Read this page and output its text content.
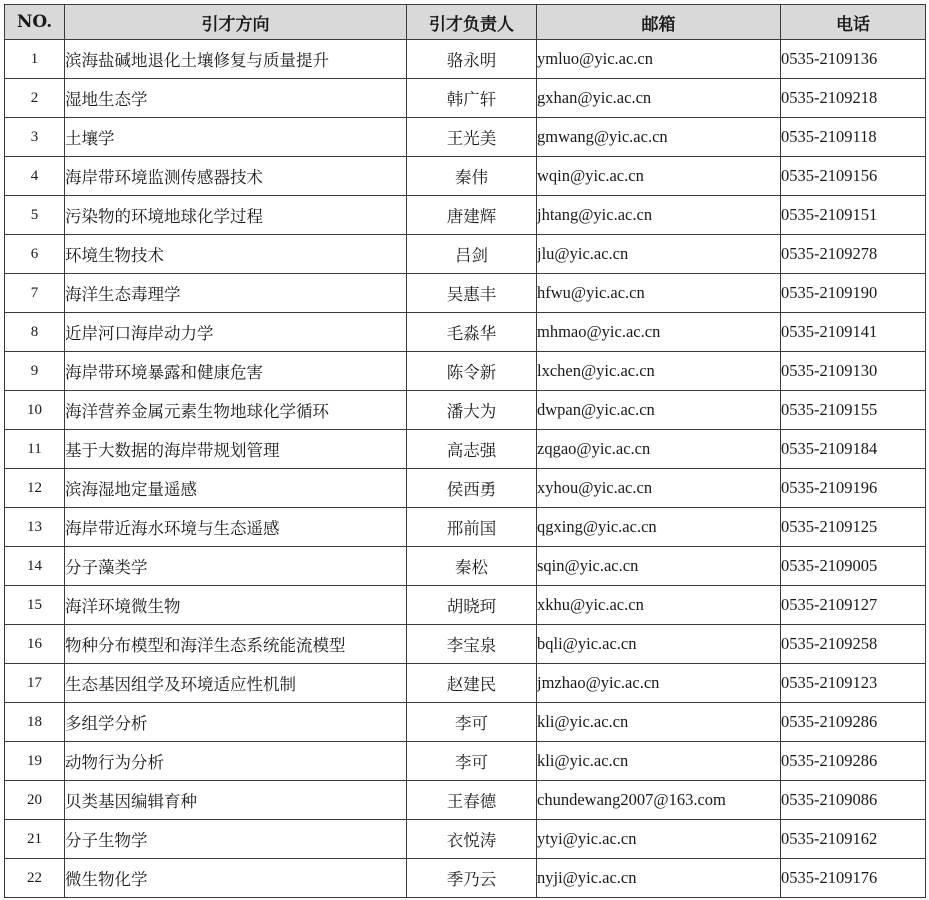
NO.	引才方向	引才负责人	邮箱	电话
1	滨海盐碱地退化土壤修复与质量提升	骆永明	ymluo@yic.ac.cn	0535-2109136
2	湿地生态学	韩广轩	gxhan@yic.ac.cn	0535-2109218
3	土壤学	王光美	gmwang@yic.ac.cn	0535-2109118
4	海岸带环境监测传感器技术	秦伟	wqin@yic.ac.cn	0535-2109156
5	污染物的环境地球化学过程	唐建辉	jhtang@yic.ac.cn	0535-2109151
6	环境生物技术	吕剑	jlu@yic.ac.cn	0535-2109278
7	海洋生态毒理学	吴惠丰	hfwu@yic.ac.cn	0535-2109190
8	近岸河口海岸动力学	毛淼华	mhmao@yic.ac.cn	0535-2109141
9	海岸带环境暴露和健康危害	陈令新	lxchen@yic.ac.cn	0535-2109130
10	海洋营养金属元素生物地球化学循环	潘大为	dwpan@yic.ac.cn	0535-2109155
11	基于大数据的海岸带规划管理	高志强	zqgao@yic.ac.cn	0535-2109184
12	滨海湿地定量遥感	侯西勇	xyhou@yic.ac.cn	0535-2109196
13	海岸带近海水环境与生态遥感	邢前国	qgxing@yic.ac.cn	0535-2109125
14	分子藻类学	秦松	sqin@yic.ac.cn	0535-2109005
15	海洋环境微生物	胡晓珂	xkhu@yic.ac.cn	0535-2109127
16	物种分布模型和海洋生态系统能流模型	李宝泉	bqli@yic.ac.cn	0535-2109258
17	生态基因组学及环境适应性机制	赵建民	jmzhao@yic.ac.cn	0535-2109123
18	多组学分析	李可	kli@yic.ac.cn	0535-2109286
19	动物行为分析	李可	kli@yic.ac.cn	0535-2109286
20	贝类基因编辑育种	王春德	chundewang2007@163.com	0535-2109086
21	分子生物学	衣悦涛	ytyi@yic.ac.cn	0535-2109162
22	微生物化学	季乃云	nyji@yic.ac.cn	0535-2109176
